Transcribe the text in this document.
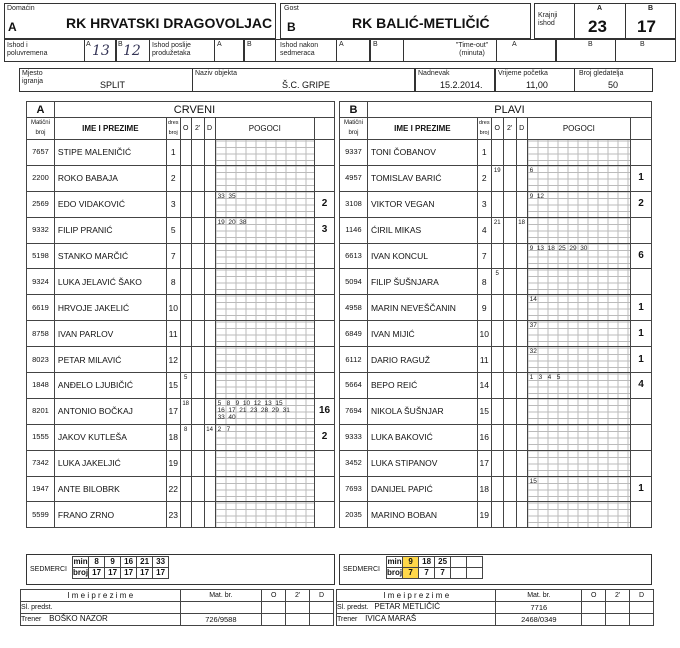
Domaćin
A	RK HRVATSKI DRAGOVOLJAC
Gost
B	RK BALIĆ-METLIČIĆ	Krajnji ishod
A
23
B
17
Ishod i poluvremena
A 13 B 12 Ishod poslije produžetaka
A	B	Ishod nakon sedmeraca
A	B	"Time-out" (minuta)
A	B	B
Mjesto igranja	SPLIT
Naziv objekta
Š.C. GRIPE
Nadnevak
15.2.2014.
Vrijeme početka
11,00
Broj gledatelja
50
A	CRVENI						
Matični broj	IME I PREZIME	dres broj	O	2'	D	POGOCI	
7657	STIPE MALENIČIĆ	1				

2200	ROKO BABAJA	2				

2569	EDO VIDAKOVIĆ	3				33  35	2
9332	FILIP PRANIĆ	5				19  20  38	3
5198	STANKO MARČIĆ	7				

9324	LUKA JELAVIĆ ŠAKO	8				

6619	HRVOJE JAKELIĆ	10				

8758	IVAN PARLOV	11				

8023	PETAR MILAVIĆ	12				

1848	ANĐELO LJUBIČIĆ	15	5			

8201	ANTONIO BOČKAJ	17	18			5   8   9  10  12  13  15
16  17  21  23  28  29  31
33  40	16
1555	JAKOV KUTLEŠA	18	8		14	2   7	2
7342	LUKA JAKELJIĆ	19				

1947	ANTE BILOBRK	22				

5599	FRANO ZRNO	23				

B	PLAVI						
Matični broj	IME I PREZIME	dres broj	O	2'	D	POGOCI	
9337	TONI ČOBANOV	1				

4957	TOMISLAV BARIĆ	2	19			6	1
3108	VIKTOR VEGAN	3				9  12	2
1146	ĆIRIL MIKAS	4	21		18	

6613	IVAN KONCUL	7				9  13  18  25  29  30	6
5094	FILIP ŠUŠNJARA	8	5			

4958	MARIN NEVEŠČANIN	9				14	1
6849	IVAN MIJIĆ	10				37	1
6112	DARIO RAGUŽ	11				32	1
5664	BEPO REIĆ	14				1   3   4   5	4
7694	NIKOLA ŠUŠNJAR	15				

9333	LUKA BAKOVIĆ	16				

3452	LUKA STIPANOV	17				

7693	DANIJEL PAPIĆ	18				15	1
2035	MARINO BOBAN	19				

SEDMERCI
min	8	9	16	21	33
broj	17	17	17	17	17	SEDMERCI
min	9	18	25		
broj	7	7	7		
I m e i p r e z i m e	Mat. br.	O	2'	D
Sl. predst.				
Trener BOŠKO NAZOR	726/9588			
I m e i p r e z i m e	Mat. br.	O	2'	D
Sl. predst. PETAR METLIČIĆ	7716			
Trener IVICA MARAŠ	2468/0349			
